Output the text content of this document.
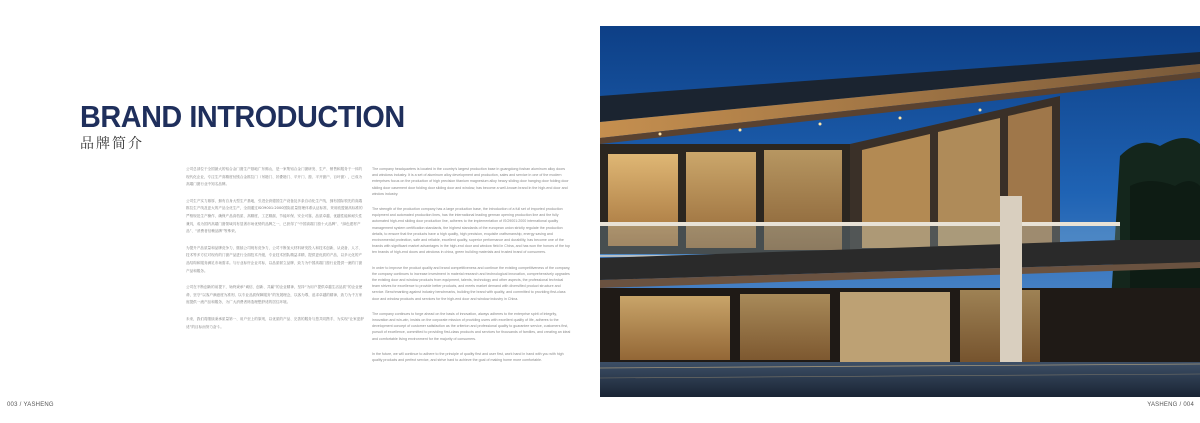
BRAND INTRODUCTION
品牌简介

公司总部位于全国最大的铝合金门窗生产基地广东佛山，是一家集铝合金门窗研发、生产、销售和服务于一体的现代化企业，专注生产高精度钛镁合金推拉门（吊趟门、折叠趟门、平开门、窗、平开窗户、百叶窗），已成为高端门窗行业中知名品牌。

公司生产实力雄厚，拥有自身大型生产基地，引进全套德国生产设备及多条自动化生产线，拥有国际领先的高端推拉生产线及更大的产品全优生产，全面通过ISO9001:2000国际质量管理体系认证标准，采用欧盟最高标准的严格规范生产操作，确保产品高档质、高精度，工艺精湛，节能环保、安全可靠，品质卓越、优越性能和耐久性兼具，成为国内高端门窗领域具有显著市场优势的品牌之一，已获得了“中国高端门窗十大品牌”、“绿色建材产品”、“消费者信赖品牌”等殊荣。

为提升产品质量和品牌竞争力，继续公司现有竞争力，公司不断加大材料研发投入和技术创新，从设备、人才、技术等多方位对现有的门窗产品进行全面技术升级，专业技术团队精益求精，提供更优质的产品，以多元化的产品结构和服务满足市场需求。与行业标杆企业对标，以品质树立品牌，致力为中国高端门窗行业提供一流的门窗产品和服务。

公司在不断创新的前提下，始终秉承“诚信、创新、共赢”的企业精神，坚持“为用户提供卓越生活品质”的企业使命，坚守“以客户满意度为准则、以专业品质保障服务”的发展理念，以客为尊，追求卓越的精神，致力为千万家庭提供一流产品和服务，为广大消费者缔造理想舒适的居住环境。

未来，我们将继续秉承质量第一、用户至上的原则，以优质的产品、完善的服务与您共同携手，为实现“让家更舒适”的目标而努力奋斗。

The company headquarters is located in the country's largest production base in guangdong foshan aluminum alloy doors and windows industry. It is a set of aluminum alloy development and production, sales and service in one of the modern enterprises focus on the production of high precision titanium magnesium alloy heavy sliding door hanging door folding door sliding door casement door folding door sliding door and window, has become a well-known brand in the high-end door and window industry.

The strength of the production company has a large production base, the introduction of a full set of imported production equipment and automated production lines, has the international leading german opening production line and the fully automated high-end sliding door production line, adheres to the implementation of ISO9001:2000 international quality management system certification standards, the highest standards of the european union strictly regulate the production details, to ensure that the products have a high quality, high precision, exquisite craftsmanship, energy saving and environmental protection, safe and reliable, excellent quality, superior performance and durability, has become one of the brands with significant market advantages in the high-end door and window field in China, and has won the honors of the top ten brands of high-end doors and windows in china, green building materials and trusted brand of consumers.

In order to improve the product quality and brand competitiveness and continue the existing competitiveness of the company, the company continues to increase investment in material research and technological innovation, comprehensively upgrades the existing door and window products from equipment, talents, technology and other aspects, the professional technical team strives for excellence to provide better products, and meets market demand with diversified product structure and service. Benchmarking against industry benchmarks, building the brand with quality, and committed to providing first-class door and window products and services for the high-end door and window industry in China.

The company continues to forge ahead on the basis of innovation, always adheres to the enterprise spirit of integrity, innovation and win-win, insists on the corporate mission of providing users with excellent quality of life, adheres to the development concept of customer satisfaction as the criterion and professional quality to guarantee service, customers first, pursuit of excellence, committed to providing first-class products and services for thousands of families, and creating an ideal and comfortable living environment for the majority of consumers.

In the future, we will continue to adhere to the principle of quality first and user first, work hand in hand with you with high quality products and perfect service, and strive hard to achieve the goal of making home more comfortable.

003 / YASHENG	YASHENG / 004
